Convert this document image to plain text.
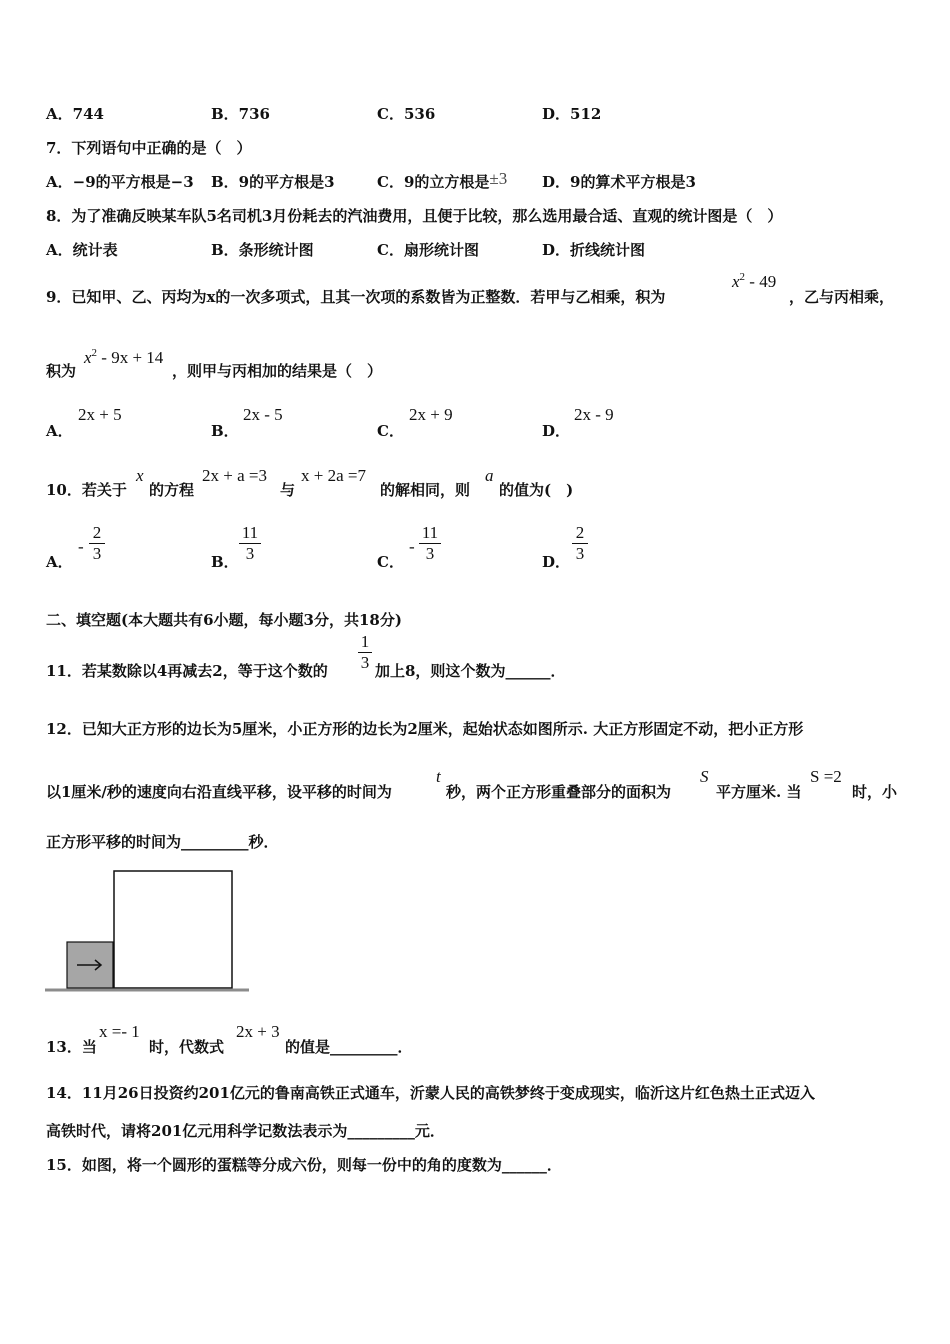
A．744	B．736	C．536	D．512
7．下列语句中正确的是（　）
A．−9的平方根是−3 B．9的平方根是3	C．9的立方根是±3 D．9的算术平方根是3
8．为了准确反映某车队5名司机3月份耗去的汽油费用，且便于比较，那么选用最合适、直观的统计图是（　）
A．统计表	B．条形统计图	C．扇形统计图	D．折线统计图
9．已知甲、乙、丙均为x的一次多项式，且其一次项的系数皆为正整数．若甲与乙相乘，积为
$x^2 - 49$
，乙与丙相乘，
积为
$x^2 - 9x + 14$
，则甲与丙相加的结果是（　）
A．
2x + 5
B．
2x - 5
C．
2x + 9
D．
2x - 9
10．若关于
x
的方程
2x + a =3
与
x + 2a =7
的解相同，则
a
的值为(　)
A．
-
2
3	B．
11
3	C．
-
11
3	D．
2
3
二、填空题(本大题共有6小题，每小题3分，共18分)
11．若某数除以4再减去2，等于这个数的
1
3 加上8，则这个数为______．
12．已知大正方形的边长为5厘米，小正方形的边长为2厘米，起始状态如图所示. 大正方形固定不动，把小正方形
以1厘米/秒的速度向右沿直线平移，设平移的时间为
t
秒，两个正方形重叠部分的面积为
S
平方厘米. 当
S =2
时，小
正方形平移的时间为_________秒．
13．当
x =- 1
时，代数式
2x + 3
的值是_________．
14．11月26日投资约201亿元的鲁南高铁正式通车，沂蒙人民的高铁梦终于变成现实，临沂这片红色热土正式迈入
高铁时代，请将201亿元用科学记数法表示为_________元．
15．如图，将一个圆形的蛋糕等分成六份，则每一份中的角的度数为______．
